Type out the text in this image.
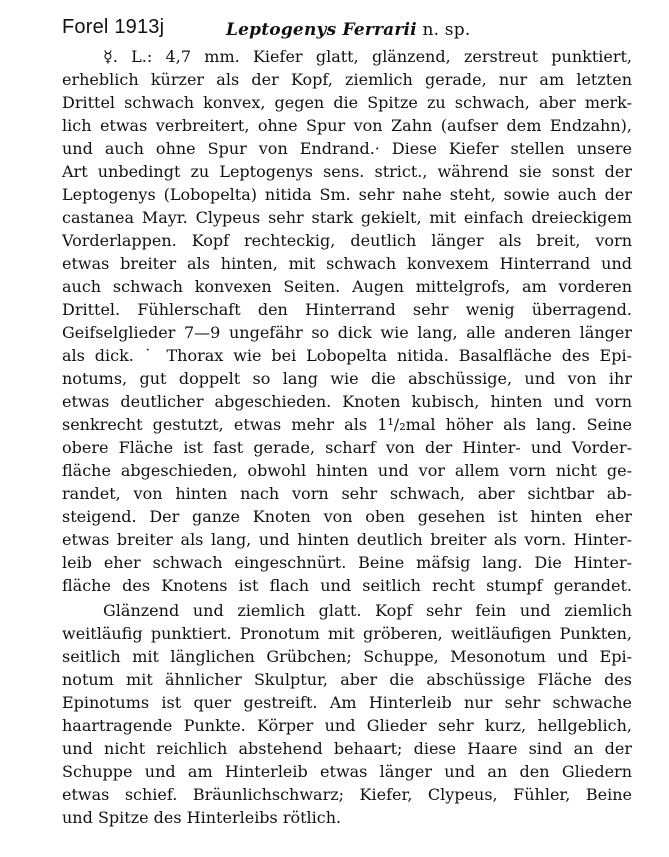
Forel 1913j	Leptogenys Ferrarii n. sp.
☿. L.: 4,7 mm. Kiefer glatt, glänzend, zerstreut punktiert,
erheblich kürzer als der Kopf, ziemlich gerade, nur am letzten
Drittel schwach konvex, gegen die Spitze zu schwach, aber merk-
lich etwas verbreitert, ohne Spur von Zahn (aufser dem Endzahn),
und auch ohne Spur von Endrand.· Diese Kiefer stellen unsere
Art unbedingt zu Leptogenys sens. strict., während sie sonst der
Leptogenys (Lobopelta) nitida Sm. sehr nahe steht, sowie auch der
castanea Mayr. Clypeus sehr stark gekielt, mit einfach dreieckigem
Vorderlappen. Kopf rechteckig, deutlich länger als breit, vorn
etwas breiter als hinten, mit schwach konvexem Hinterrand und
auch schwach konvexen Seiten. Augen mittelgrofs, am vorderen
Drittel. Fühlerschaft den Hinterrand sehr wenig überragend.
Geifselglieder 7—9 ungefähr so dick wie lang, alle anderen länger
als dick. ˙ Thorax wie bei Lobopelta nitida. Basalfläche des Epi-
notums, gut doppelt so lang wie die abschüssige, und von ihr
etwas deutlicher abgeschieden. Knoten kubisch, hinten und vorn
senkrecht gestutzt, etwas mehr als 1¹/₂mal höher als lang. Seine
obere Fläche ist fast gerade, scharf von der Hinter- und Vorder-
fläche abgeschieden, obwohl hinten und vor allem vorn nicht ge-
randet, von hinten nach vorn sehr schwach, aber sichtbar ab-
steigend. Der ganze Knoten von oben gesehen ist hinten eher
etwas breiter als lang, und hinten deutlich breiter als vorn. Hinter-
leib eher schwach eingeschnürt. Beine mäfsig lang. Die Hinter-
fläche des Knotens ist flach und seitlich recht stumpf gerandet.
Glänzend und ziemlich glatt. Kopf sehr fein und ziemlich
weitläufig punktiert. Pronotum mit gröberen, weitläufigen Punkten,
seitlich mit länglichen Grübchen; Schuppe, Mesonotum und Epi-
notum mit ähnlicher Skulptur, aber die abschüssige Fläche des
Epinotums ist quer gestreift. Am Hinterleib nur sehr schwache
haartragende Punkte. Körper und Glieder sehr kurz, hellgeblich,
und nicht reichlich abstehend behaart; diese Haare sind an der
Schuppe und am Hinterleib etwas länger und an den Gliedern
etwas schief. Bräunlichschwarz; Kiefer, Clypeus, Fühler, Beine
und Spitze des Hinterleibs rötlich.
